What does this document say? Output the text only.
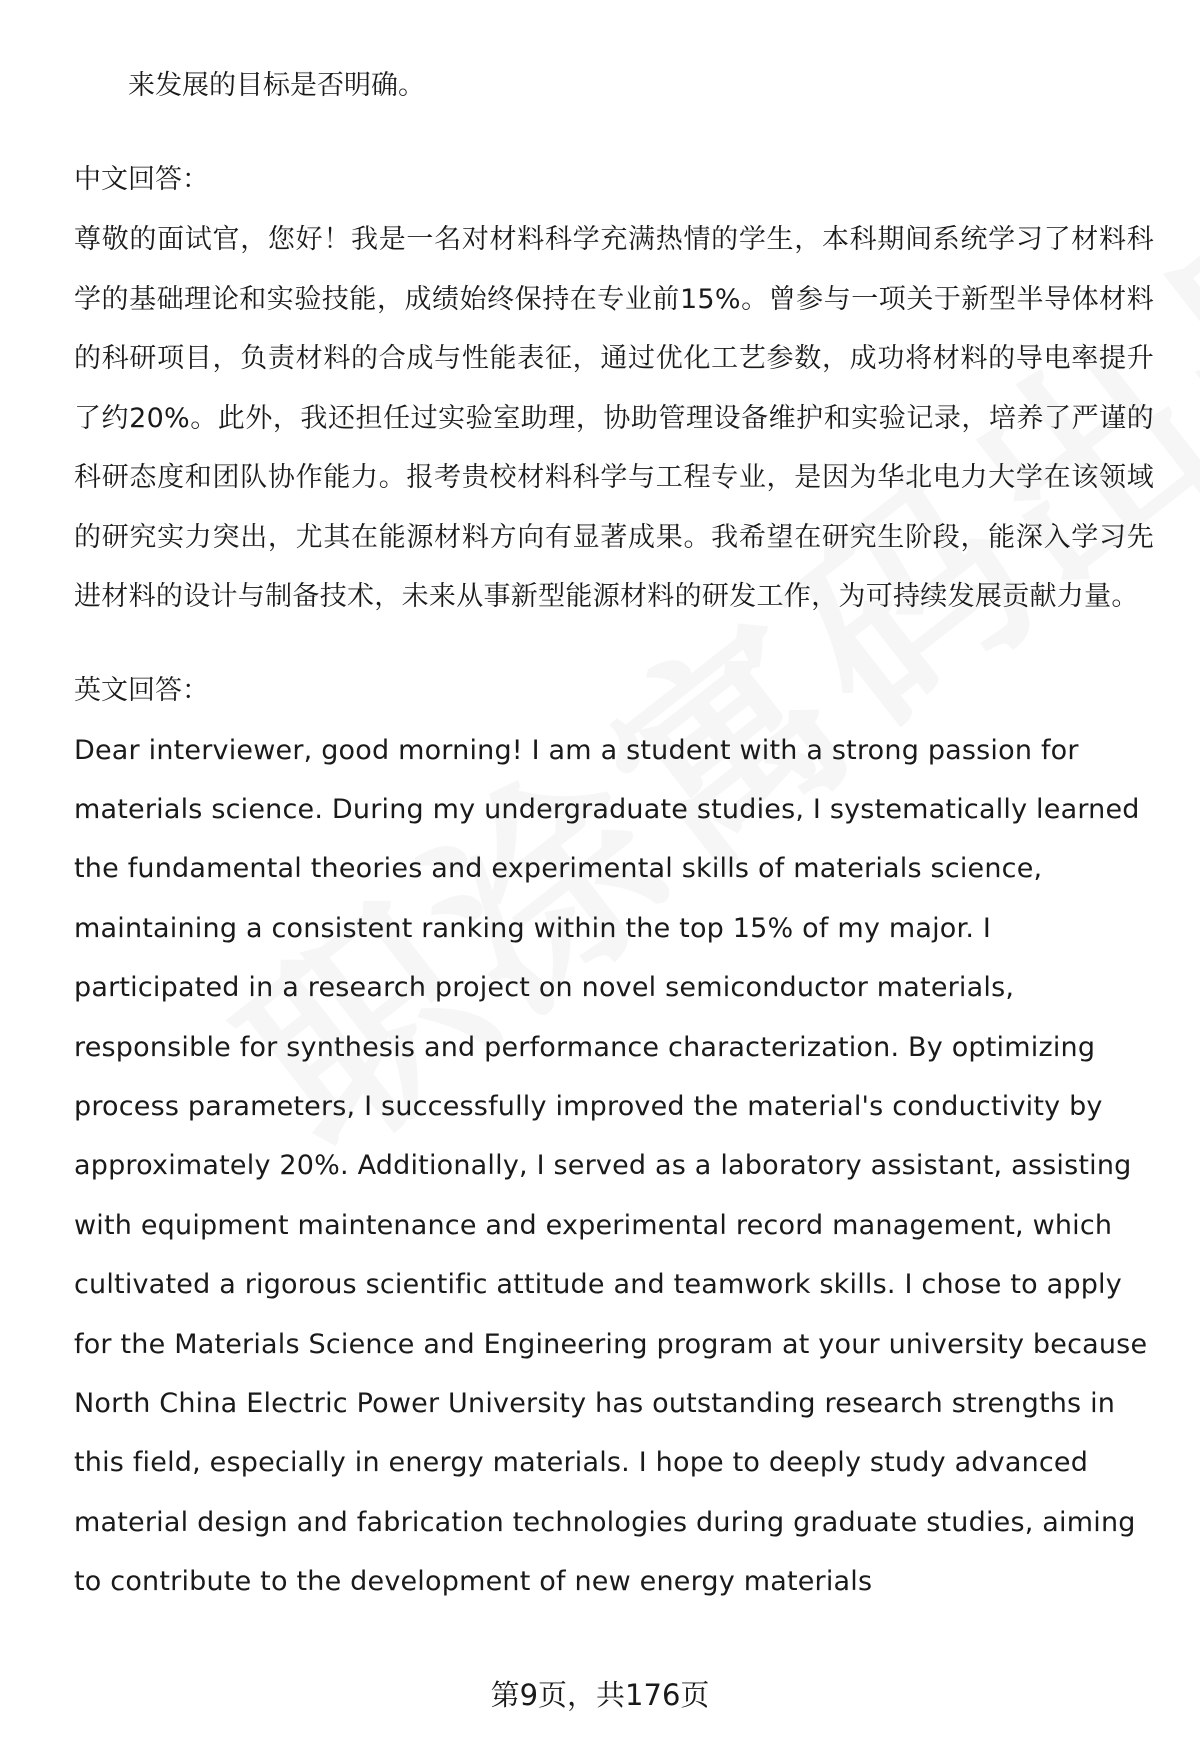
来发展的目标是否明确。

中文回答：

尊敬的面试官，您好！我是一名对材料科学充满热情的学生，本科期间系统学习了材料科学的基础理论和实验技能，成绩始终保持在专业前15%。曾参与一项关于新型半导体材料的科研项目，负责材料的合成与性能表征，通过优化工艺参数，成功将材料的导电率提升了约20%。此外，我还担任过实验室助理，协助管理设备维护和实验记录，培养了严谨的科研态度和团队协作能力。报考贵校材料科学与工程专业，是因为华北电力大学在该领域的研究实力突出，尤其在能源材料方向有显著成果。我希望在研究生阶段，能深入学习先进材料的设计与制备技术，未来从事新型能源材料的研发工作，为可持续发展贡献力量。

英文回答：

Dear interviewer, good morning! I am a student with a strong passion for materials science. During my undergraduate studies, I systematically learned the fundamental theories and experimental skills of materials science, maintaining a consistent ranking within the top 15% of my major. I participated in a research project on novel semiconductor materials, responsible for synthesis and performance characterization. By optimizing process parameters, I successfully improved the material's conductivity by approximately 20%. Additionally, I served as a laboratory assistant, assisting with equipment maintenance and experimental record management, which cultivated a rigorous scientific attitude and teamwork skills. I chose to apply for the Materials Science and Engineering program at your university because North China Electric Power University has outstanding research strengths in this field, especially in energy materials. I hope to deeply study advanced material design and fabrication technologies during graduate studies, aiming to contribute to the development of new energy materials

第9页，共176页
